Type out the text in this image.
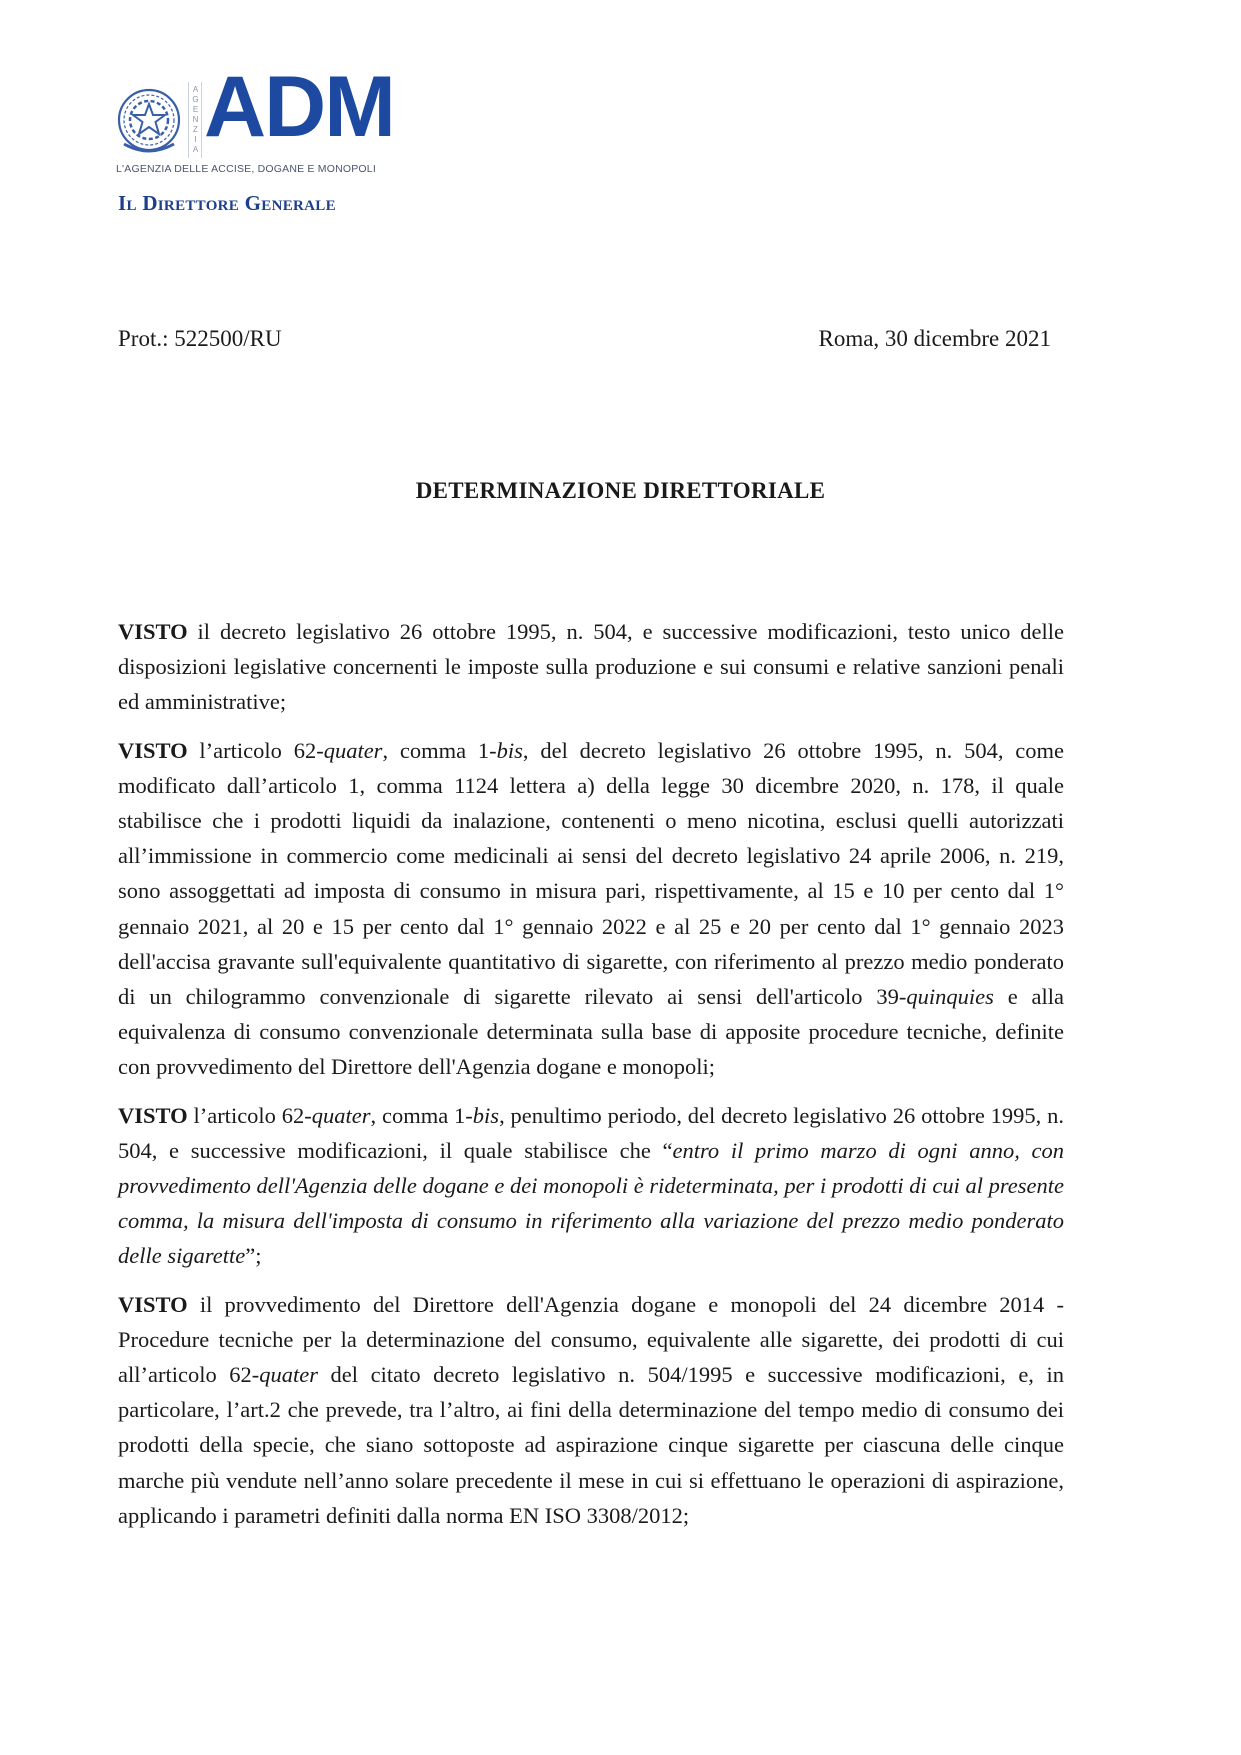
AGENZIA ADM
L'AGENZIA DELLE ACCISE, DOGANE E MONOPOLI
Il Direttore Generale
Prot.: 522500/RU	Roma, 30 dicembre 2021
DETERMINAZIONE DIRETTORIALE

VISTO il decreto legislativo 26 ottobre 1995, n. 504, e successive modificazioni, testo unico delle disposizioni legislative concernenti le imposte sulla produzione e sui consumi e relative sanzioni penali ed amministrative;

VISTO l’articolo 62-quater, comma 1-bis, del decreto legislativo 26 ottobre 1995, n. 504, come modificato dall’articolo 1, comma 1124 lettera a) della legge 30 dicembre 2020, n. 178, il quale stabilisce che i prodotti liquidi da inalazione, contenenti o meno nicotina, esclusi quelli autorizzati all’immissione in commercio come medicinali ai sensi del decreto legislativo 24 aprile 2006, n. 219, sono assoggettati ad imposta di consumo in misura pari, rispettivamente, al 15 e 10 per cento dal 1° gennaio 2021, al 20 e 15 per cento dal 1° gennaio 2022 e al 25 e 20 per cento dal 1° gennaio 2023 dell'accisa gravante sull'equivalente quantitativo di sigarette, con riferimento al prezzo medio ponderato di un chilogrammo convenzionale di sigarette rilevato ai sensi dell'articolo 39-quinquies e alla equivalenza di consumo convenzionale determinata sulla base di apposite procedure tecniche, definite con provvedimento del Direttore dell'Agenzia dogane e monopoli;

VISTO l’articolo 62-quater, comma 1-bis, penultimo periodo, del decreto legislativo 26 ottobre 1995, n. 504, e successive modificazioni, il quale stabilisce che “entro il primo marzo di ogni anno, con provvedimento dell'Agenzia delle dogane e dei monopoli è rideterminata, per i prodotti di cui al presente comma, la misura dell'imposta di consumo in riferimento alla variazione del prezzo medio ponderato delle sigarette”;

VISTO il provvedimento del Direttore dell'Agenzia dogane e monopoli del 24 dicembre 2014 - Procedure tecniche per la determinazione del consumo, equivalente alle sigarette, dei prodotti di cui all’articolo 62-quater del citato decreto legislativo n. 504/1995 e successive modificazioni, e, in particolare, l’art.2 che prevede, tra l’altro, ai fini della determinazione del tempo medio di consumo dei prodotti della specie, che siano sottoposte ad aspirazione cinque sigarette per ciascuna delle cinque marche più vendute nell’anno solare precedente il mese in cui si effettuano le operazioni di aspirazione, applicando i parametri definiti dalla norma EN ISO 3308/2012;
